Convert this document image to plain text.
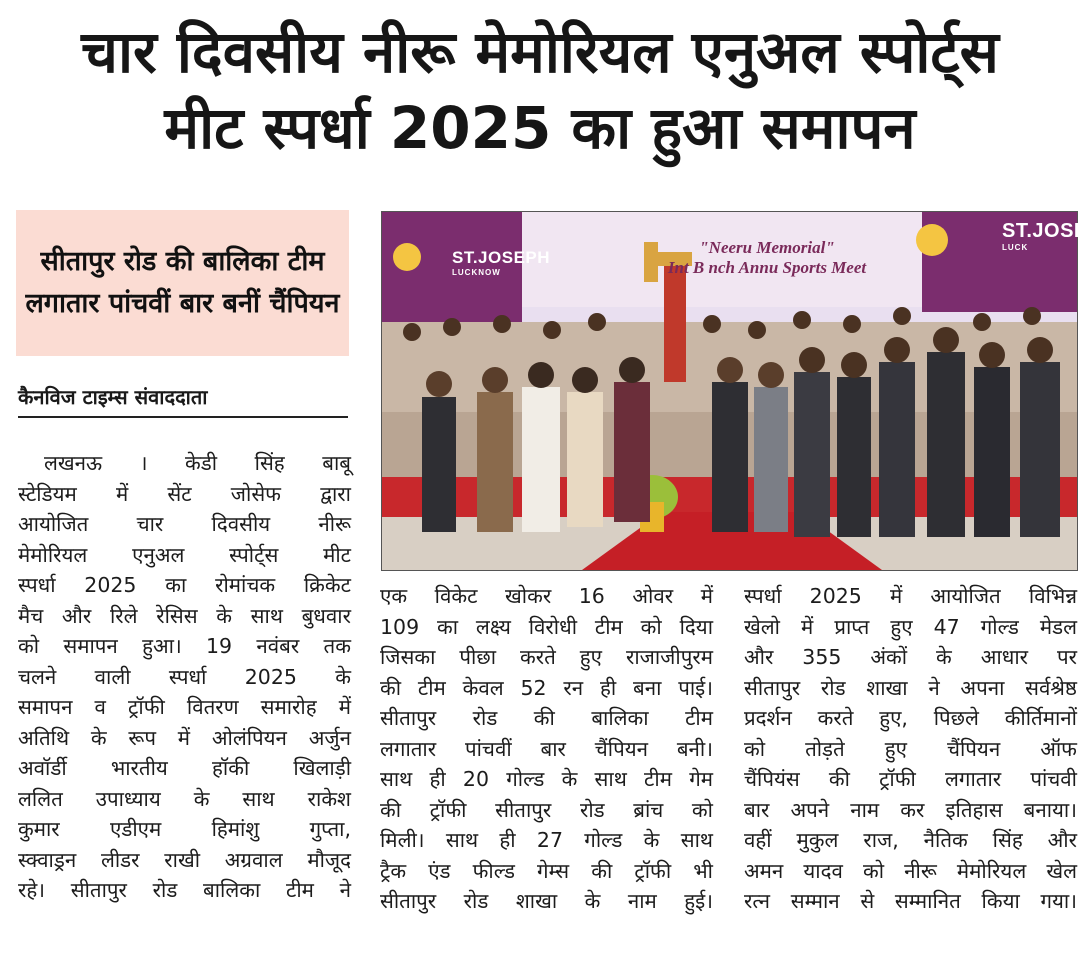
चार दिवसीय नीरू मेमोरियल एनुअल स्पोर्ट्स
मीट स्पर्धा 2025 का हुआ समापन
सीतापुर रोड की बालिका टीम लगातार पांचवीं बार बनीं चैंपियन
कैनविज टाइम्स संवाददाता
ST.JOSEPH
LUCKNOW
ST.JOSE
LUCK
"Neeru Memorial"
Int B nch Annu Sports Meet
लखनऊ । केडी सिंह बाबू
स्टेडियम में सेंट जोसेफ द्वारा
आयोजित चार दिवसीय नीरू
मेमोरियल एनुअल स्पोर्ट्स मीट
स्पर्धा 2025 का रोमांचक क्रिकेट
मैच और रिले रेसिस के साथ बुधवार
को समापन हुआ। 19 नवंबर तक
चलने वाली स्पर्धा 2025 के
समापन व ट्रॉफी वितरण समारोह में
अतिथि के रूप में ओलंपियन अर्जुन
अवॉर्डी भारतीय हॉकी खिलाड़ी
ललित उपाध्याय के साथ राकेश
कुमार एडीएम हिमांशु गुप्ता,
स्क्वाड्रन लीडर राखी अग्रवाल मौजूद
रहे। सीतापुर रोड बालिका टीम ने
एक विकेट खोकर 16 ओवर में
109 का लक्ष्य विरोधी टीम को दिया
जिसका पीछा करते हुए राजाजीपुरम
की टीम केवल 52 रन ही बना पाई।
सीतापुर रोड की बालिका टीम
लगातार पांचवीं बार चैंपियन बनी।
साथ ही 20 गोल्ड के साथ टीम गेम
की ट्रॉफी सीतापुर रोड ब्रांच को
मिली। साथ ही 27 गोल्ड के साथ
ट्रैक एंड फील्ड गेम्स की ट्रॉफी भी
सीतापुर रोड शाखा के नाम हुई।
स्पर्धा 2025 में आयोजित विभिन्न
खेलो में प्राप्त हुए 47 गोल्ड मेडल
और 355 अंकों के आधार पर
सीतापुर रोड शाखा ने अपना सर्वश्रेष्ठ
प्रदर्शन करते हुए, पिछले कीर्तिमानों
को तोड़ते हुए चैंपियन ऑफ
चैंपियंस की ट्रॉफी लगातार पांचवी
बार अपने नाम कर इतिहास बनाया।
वहीं मुकुल राज, नैतिक सिंह और
अमन यादव को नीरू मेमोरियल खेल
रत्न सम्मान से सम्मानित किया गया।
